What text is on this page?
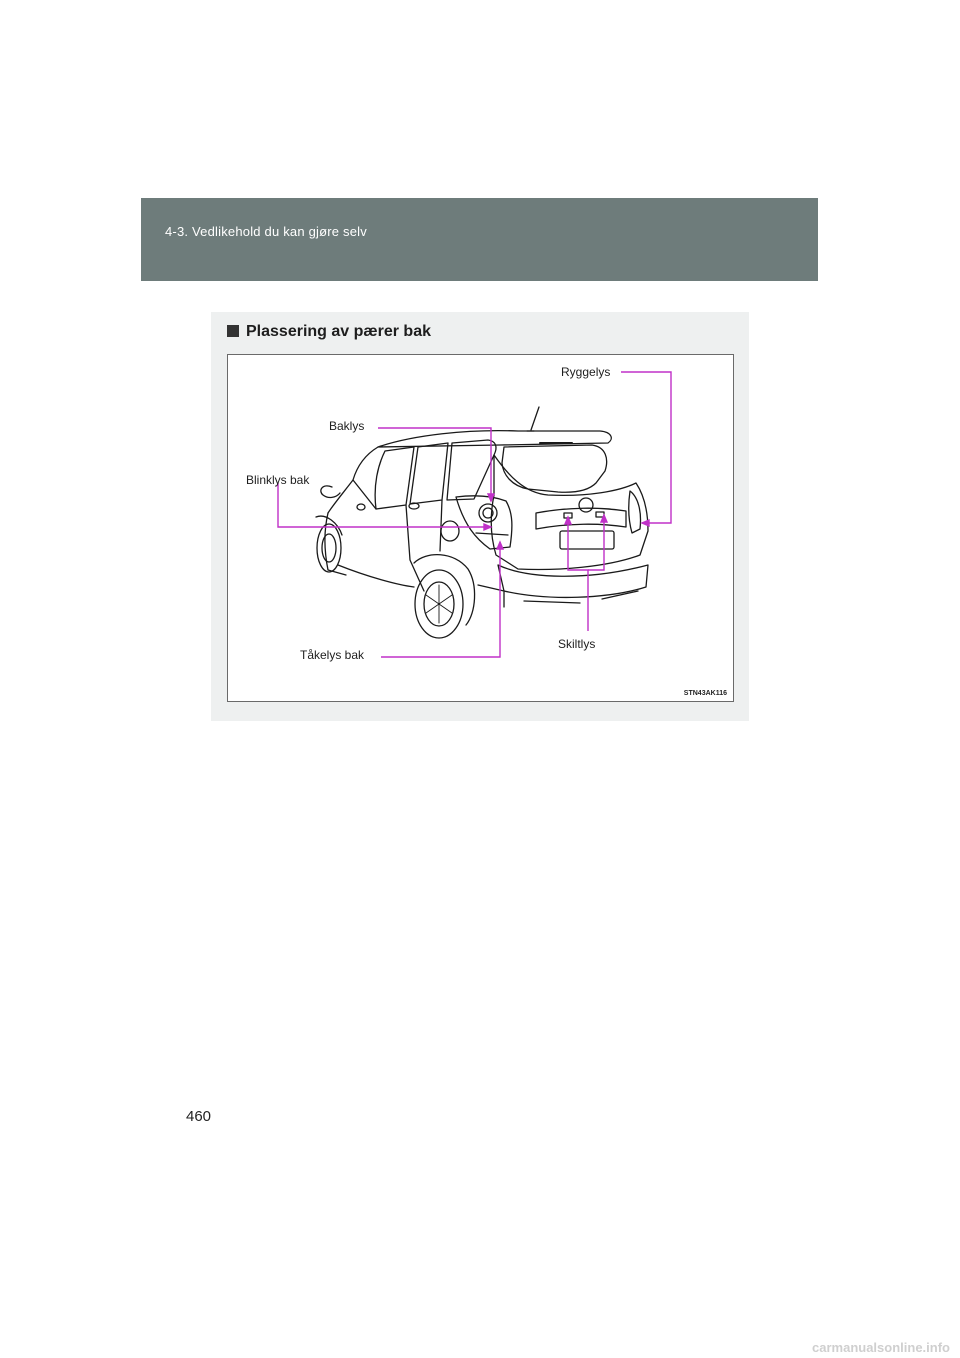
4-3. Vedlikehold du kan gjøre selv
Plassering av pærer bak
Ryggelys
Baklys
Blinklys bak
Tåkelys bak
Skiltlys
STN43AK116
460
carmanualsonline.info
